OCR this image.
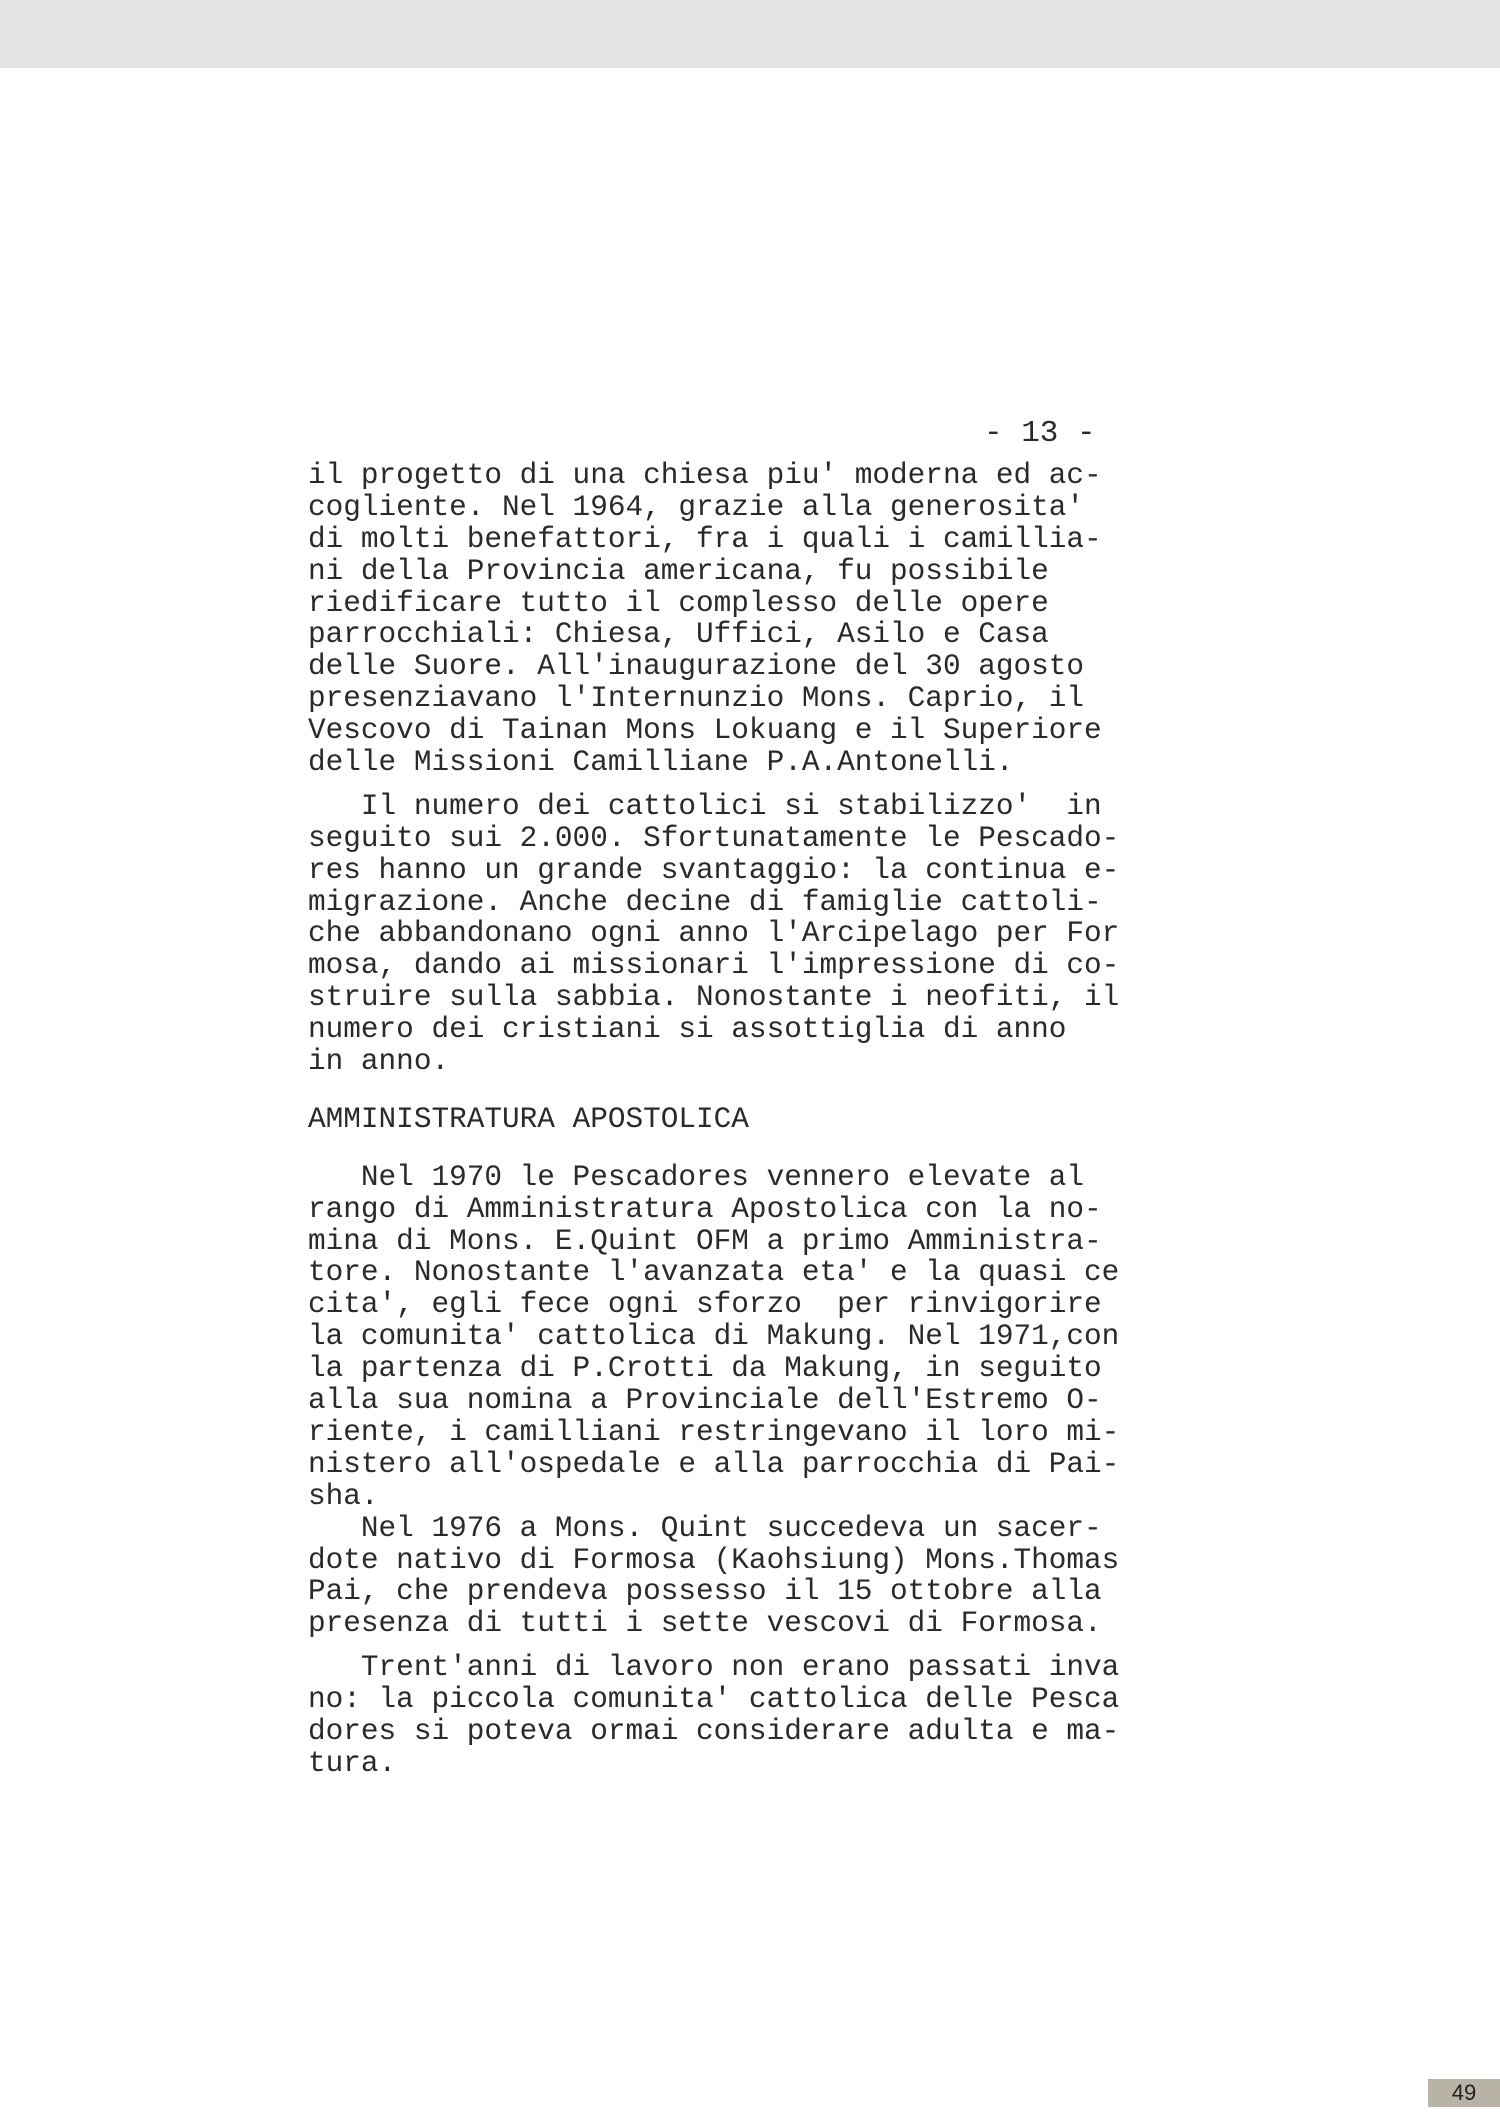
- 13 -
il progetto di una chiesa piu' moderna ed ac-
cogliente. Nel 1964, grazie alla generosita'
di molti benefattori, fra i quali i camillia-
ni della Provincia americana, fu possibile
riedificare tutto il complesso delle opere
parrocchiali: Chiesa, Uffici, Asilo e Casa
delle Suore. All'inaugurazione del 30 agosto
presenziavano l'Internunzio Mons. Caprio, il
Vescovo di Tainan Mons Lokuang e il Superiore
delle Missioni Camilliane P.A.Antonelli.
Il numero dei cattolici si stabilizzo'  in
seguito sui 2.000. Sfortunatamente le Pescado-
res hanno un grande svantaggio: la continua e-
migrazione. Anche decine di famiglie cattoli-
che abbandonano ogni anno l'Arcipelago per For
mosa, dando ai missionari l'impressione di co-
struire sulla sabbia. Nonostante i neofiti, il
numero dei cristiani si assottiglia di anno
in anno.
AMMINISTRATURA APOSTOLICA
Nel 1970 le Pescadores vennero elevate al
rango di Amministratura Apostolica con la no-
mina di Mons. E.Quint OFM a primo Amministra-
tore. Nonostante l'avanzata eta' e la quasi ce
cita', egli fece ogni sforzo  per rinvigorire
la comunita' cattolica di Makung. Nel 1971,con
la partenza di P.Crotti da Makung, in seguito
alla sua nomina a Provinciale dell'Estremo O-
riente, i camilliani restringevano il loro mi-
nistero all'ospedale e alla parrocchia di Pai-
sha.
Nel 1976 a Mons. Quint succedeva un sacer-
dote nativo di Formosa (Kaohsiung) Mons.Thomas
Pai, che prendeva possesso il 15 ottobre alla
presenza di tutti i sette vescovi di Formosa.
Trent'anni di lavoro non erano passati inva
no: la piccola comunita' cattolica delle Pesca
dores si poteva ormai considerare adulta e ma-
tura.
49
